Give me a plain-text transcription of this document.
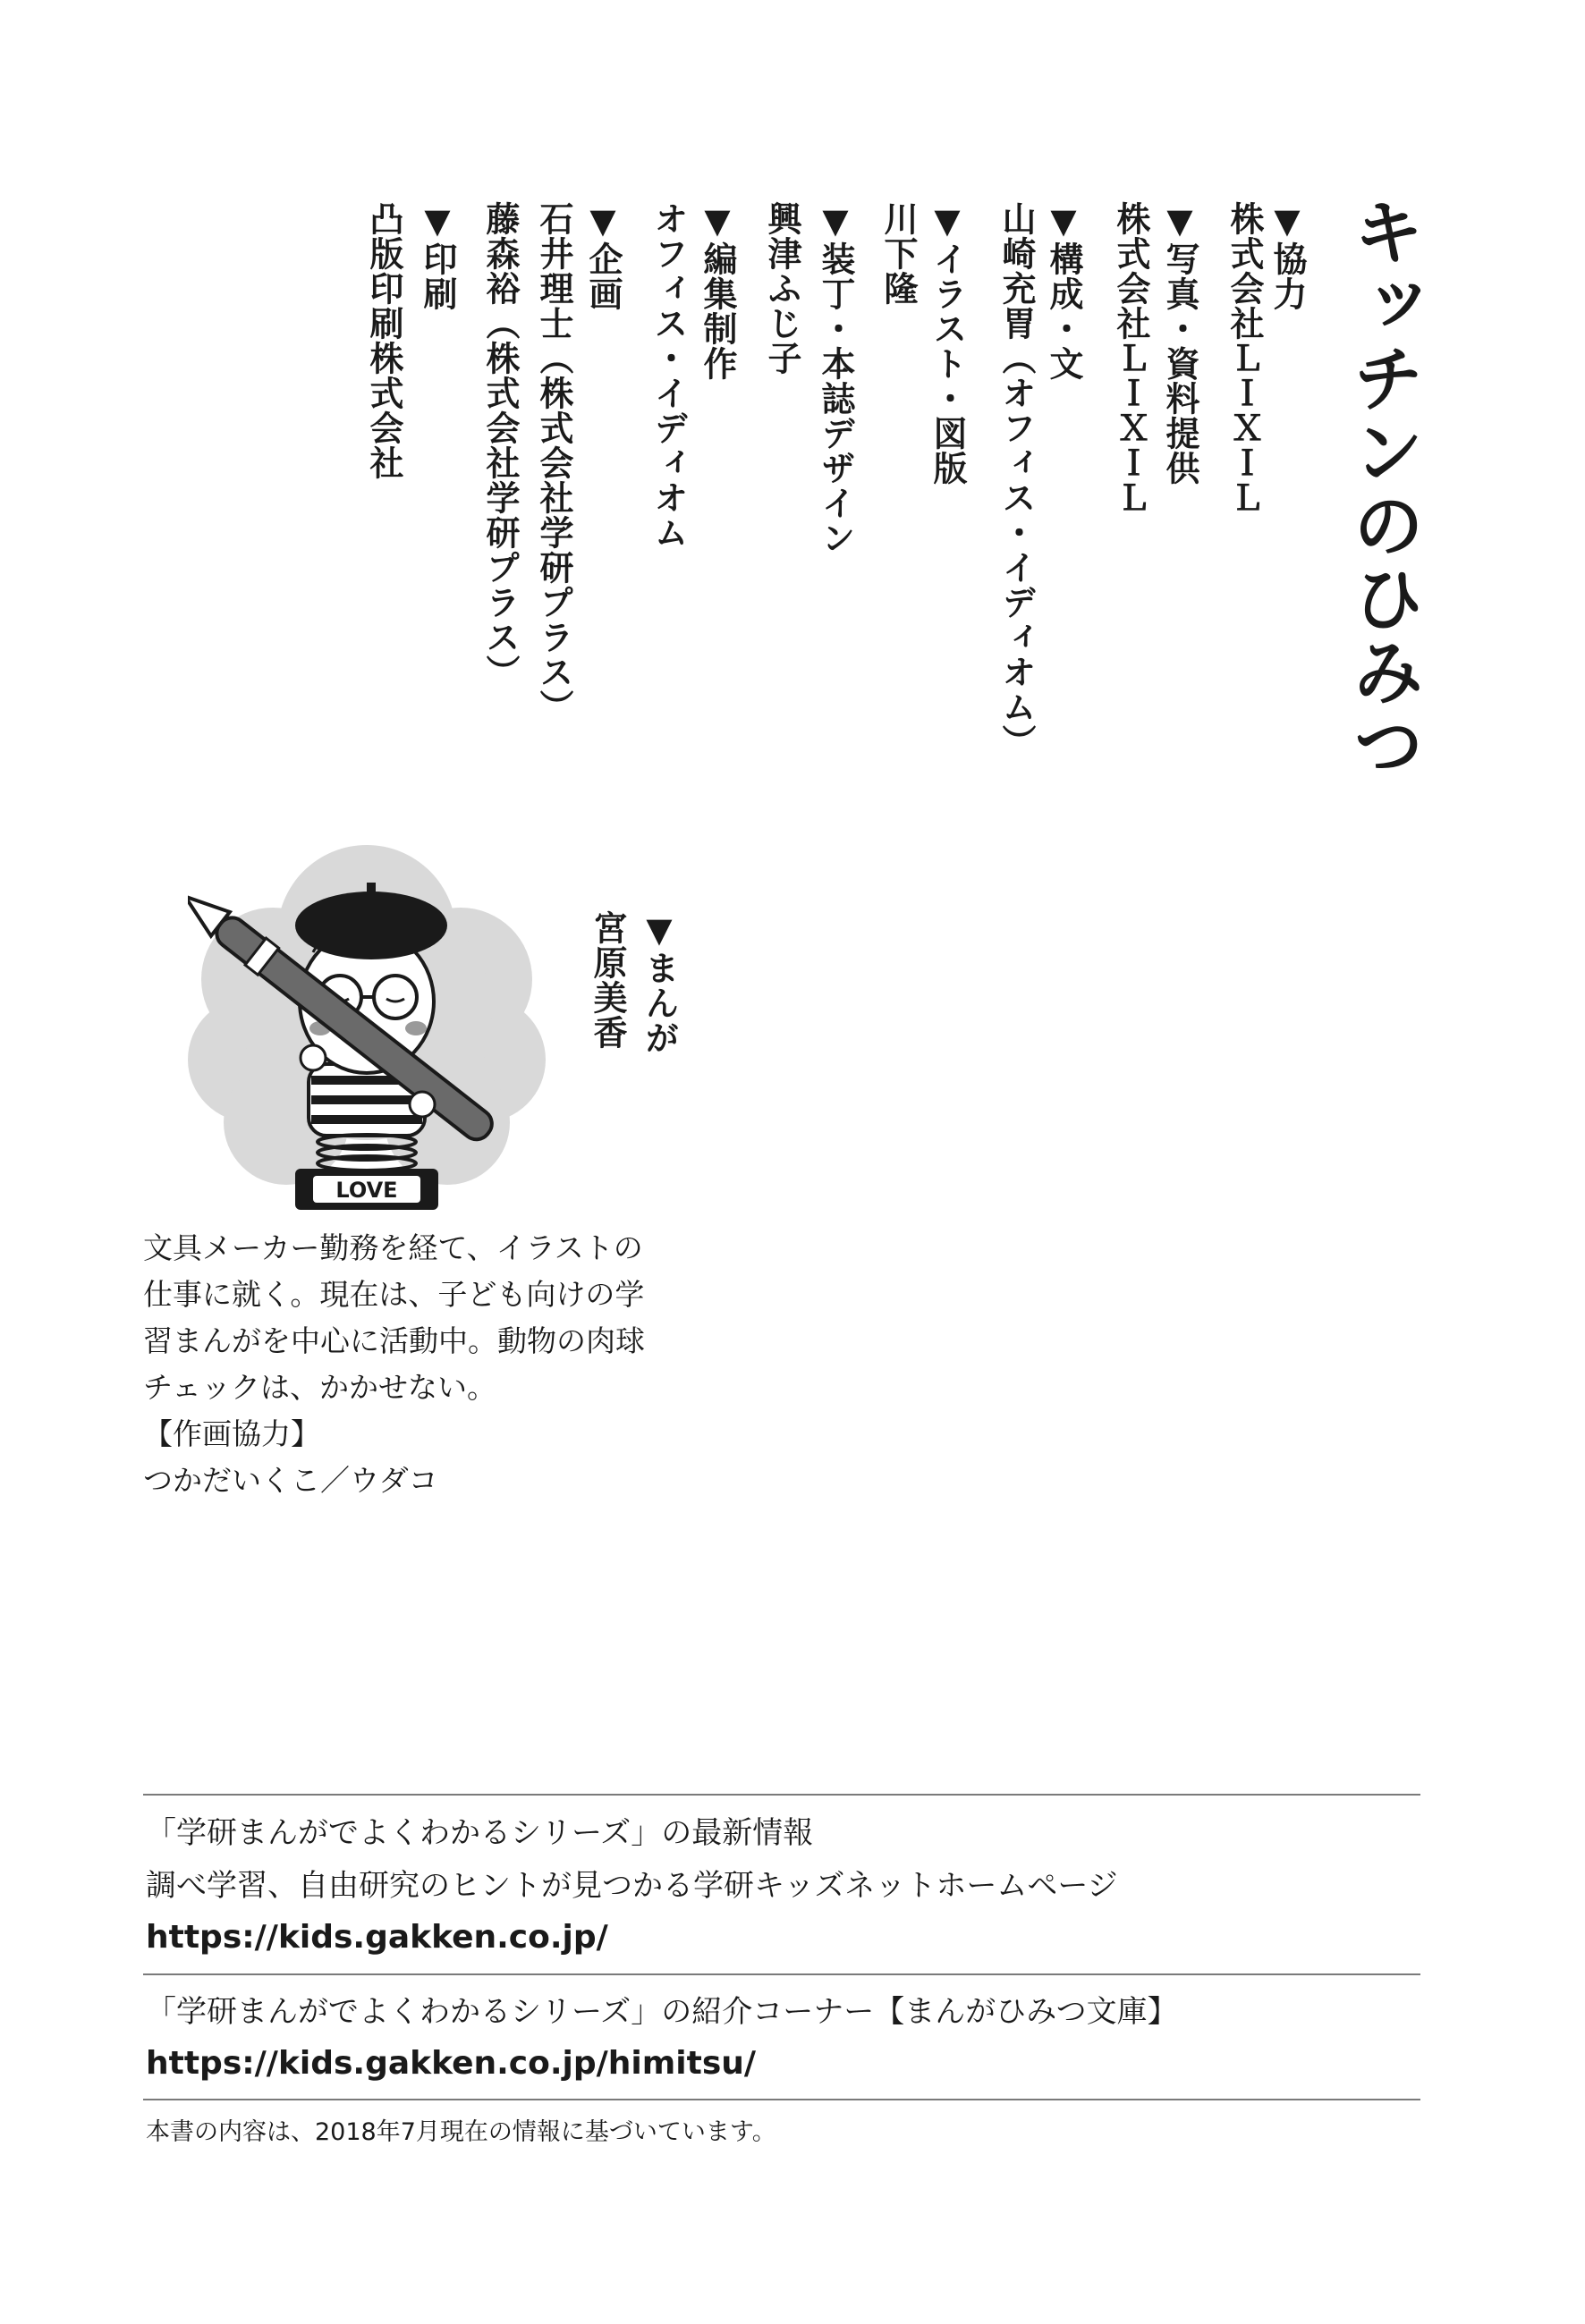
キッチンのひみつ

▼協力

株式会社ＬＩＸＩＬ

▼写真・資料提供

株式会社ＬＩＸＩＬ

▼構成・文

山崎充胃（オフィス・イディオム）

▼イラスト・図版

川下隆

▼装丁・本誌デザイン

興津ふじ子

▼編集制作

オフィス・イディオム

▼企画

石井理士（株式会社学研プラス）

藤森裕（株式会社学研プラス）

▼印刷

凸版印刷株式会社

▼まんが

宮原美香

LOVE

文具メーカー勤務を経て、イラストの

仕事に就く。現在は、子ども向けの学

習まんがを中心に活動中。動物の肉球

チェックは、かかせない。

【作画協力】

つかだいくこ／ウダコ

「学研まんがでよくわかるシリーズ」の最新情報

調べ学習、自由研究のヒントが見つかる学研キッズネットホームページ

https://kids.gakken.co.jp/

「学研まんがでよくわかるシリーズ」の紹介コーナー【まんがひみつ文庫】

https://kids.gakken.co.jp/himitsu/

本書の内容は、2018年7月現在の情報に基づいています。
